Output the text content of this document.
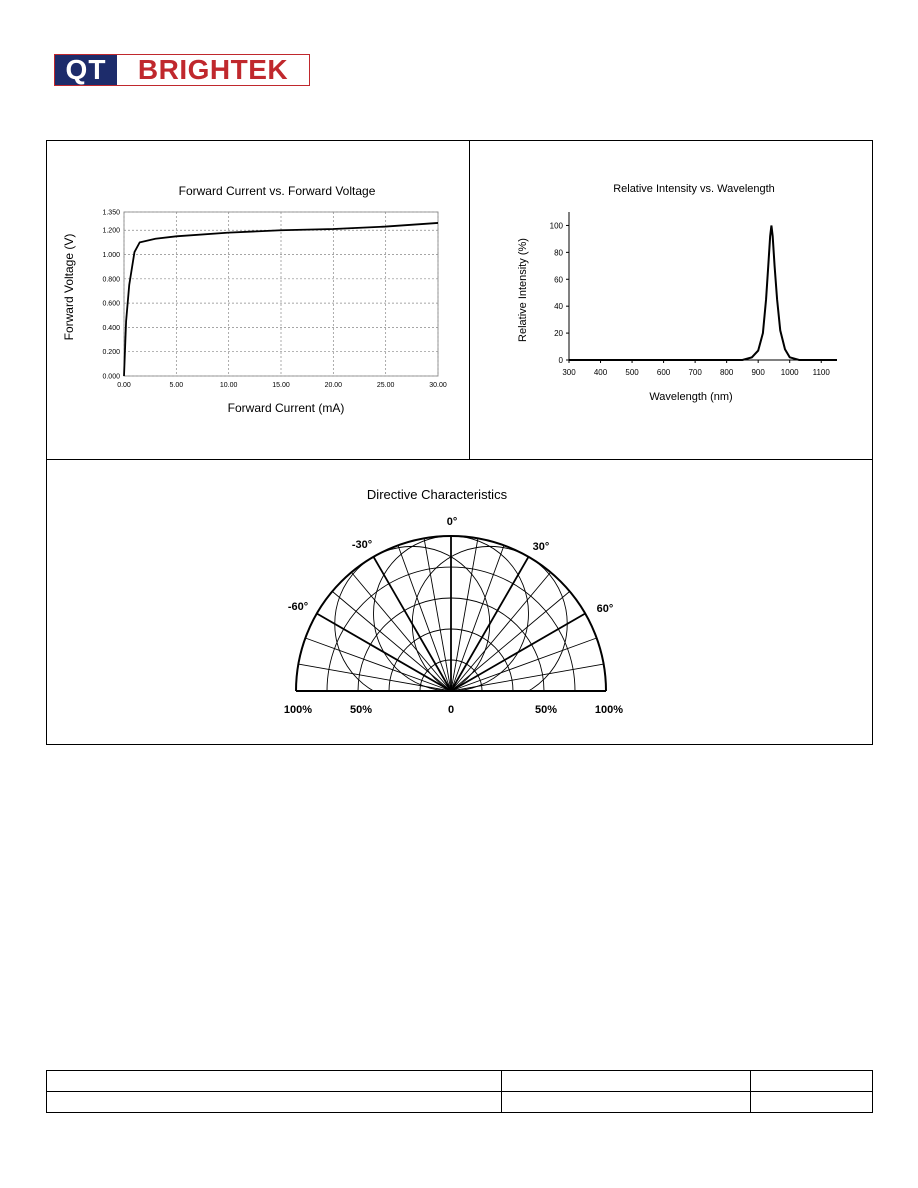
QT	BRIGHTEK
Forward Current vs. Forward Voltage
Forward Current (mA)
Forward Voltage (V)
0.00	5.00	10.00	15.00	20.00	25.00	30.00
0.000
0.200
0.400
0.600
0.800
1.000
1.200
1.350
Relative Intensity vs. Wavelength
Wavelength (nm)
Relative Intensity (%)
300 400 500 600 700 800 900 1000 1100
0
20
40
60
80
100
Directive Characteristics
0°
30°
-30°
60°
-60°
100%	50%	0	50%	100%
